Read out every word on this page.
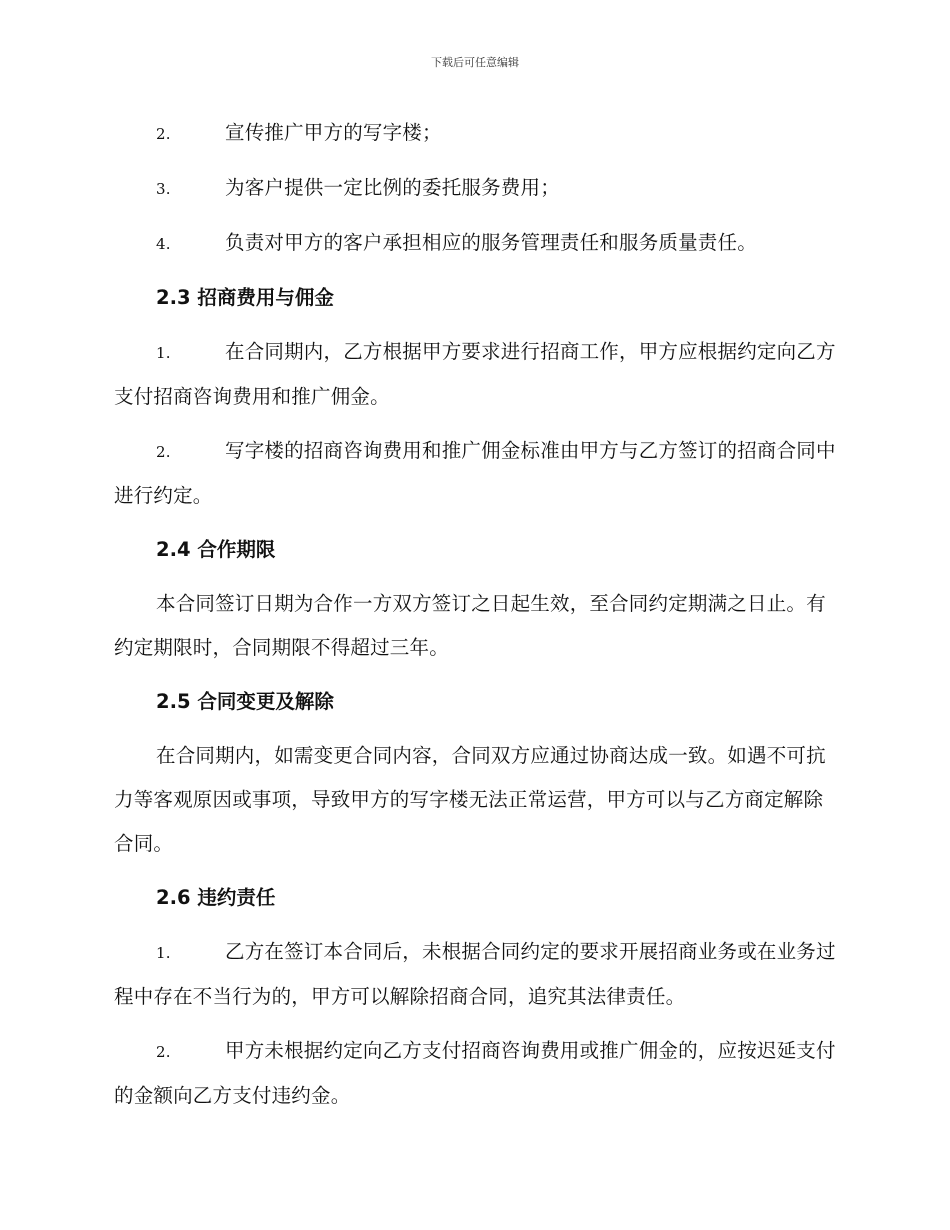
下载后可任意编辑

2.	宣传推广甲方的写字楼；

3.	为客户提供一定比例的委托服务费用；

4.	负责对甲方的客户承担相应的服务管理责任和服务质量责任。

2.3 招商费用与佣金

1.	在合同期内，乙方根据甲方要求进行招商工作，甲方应根据约定向乙方支付招商咨询费用和推广佣金。

2.	写字楼的招商咨询费用和推广佣金标准由甲方与乙方签订的招商合同中进行约定。

2.4 合作期限

本合同签订日期为合作一方双方签订之日起生效，至合同约定期满之日止。有约定期限时，合同期限不得超过三年。

2.5 合同变更及解除

在合同期内，如需变更合同内容，合同双方应通过协商达成一致。如遇不可抗力等客观原因或事项，导致甲方的写字楼无法正常运营，甲方可以与乙方商定解除合同。

2.6 违约责任

1.	乙方在签订本合同后，未根据合同约定的要求开展招商业务或在业务过程中存在不当行为的，甲方可以解除招商合同，追究其法律责任。

2.	甲方未根据约定向乙方支付招商咨询费用或推广佣金的，应按迟延支付的金额向乙方支付违约金。
